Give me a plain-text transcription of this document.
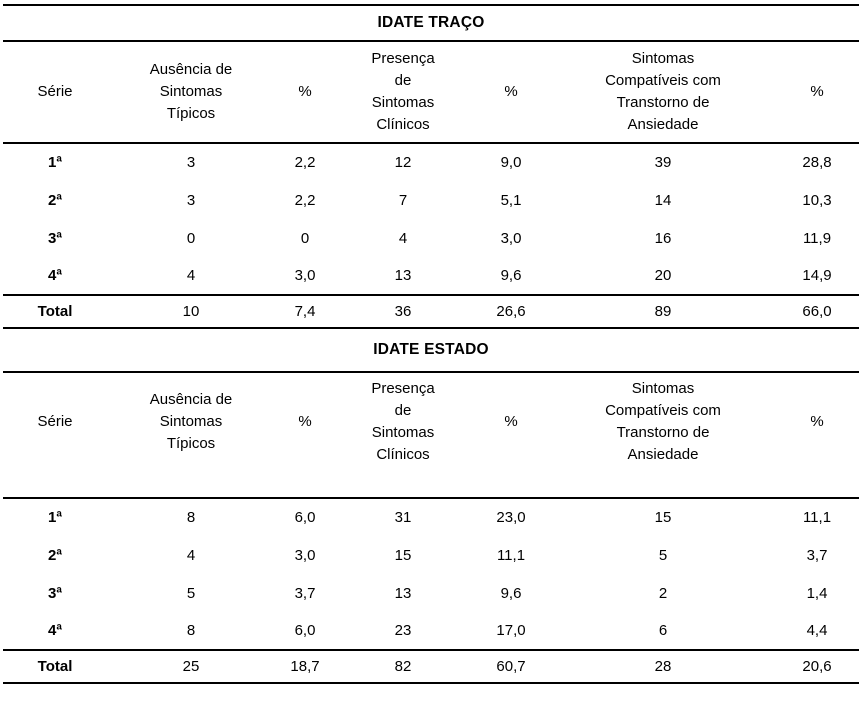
IDATE TRAÇO						
Série	Ausência de Sintomas Típicos	%	Presença de Sintomas Clínicos	%	Sintomas Compatíveis com Transtorno de Ansiedade	%
1ª	3	2,2	12	9,0	39	28,8
2ª	3	2,2	7	5,1	14	10,3
3ª	0	0	4	3,0	16	11,9
4ª	4	3,0	13	9,6	20	14,9
Total	10	7,4	36	26,6	89	66,0
IDATE ESTADO						
Série	Ausência de Sintomas Típicos	%	Presença de Sintomas Clínicos	%	Sintomas Compatíveis com Transtorno de Ansiedade	%
1ª	8	6,0	31	23,0	15	11,1
2ª	4	3,0	15	11,1	5	3,7
3ª	5	3,7	13	9,6	2	1,4
4ª	8	6,0	23	17,0	6	4,4
Total	25	18,7	82	60,7	28	20,6
